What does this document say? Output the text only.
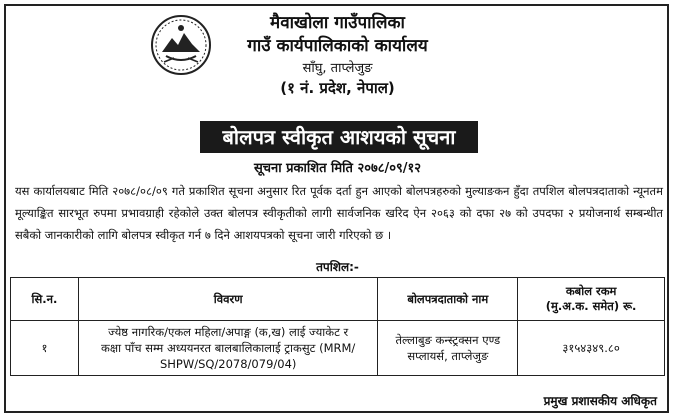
मैवाखोला गाउँपालिका
गाउँ कार्यपालिकाको कार्यालय
साँघु, ताप्लेजुङ
(१ नं. प्रदेश, नेपाल)
बोलपत्र स्वीकृत आशयको सूचना
सूचना प्रकाशित मिति २०७८/०९/१२
यस कार्यालयबाट मिति २०७८/०८/०९ गते प्रकाशित सूचना अनुसार रित पूर्वक दर्ता हुन आएको बोलपत्रहरुको मुल्याङकन हुँदा तपशिल बोलपत्रदाताको न्यूनतम मूल्याङ्कित सारभूत रुपमा प्रभावग्राही रहेकोले उक्त बोलपत्र स्वीकृतीको लागी सार्वजनिक खरिद ऐन २०६३ को दफा २७ को उपदफा २ प्रयोजनार्थ सम्बन्धीत सबैको जानकारीको लागि बोलपत्र स्वीकृत गर्न ७ दिने आशयपत्रको सूचना जारी गरिएको छ ।
तपशिल:-
सि.न.	विवरण	बोलपत्रदाताको नाम	कबोल रकम
(मु.अ.क. समेत) रू.

१	ज्येष्ठ नागरिक/एकल महिला/अपाङ्ग (क,ख) लाई ज्याकेट र
कक्षा पाँच सम्म अध्ययनरत बालबालिकालाई ट्राकसुट (MRM/
SHPW/SQ/2078/079/04)	तेल्लाबुङ कन्स्ट्रक्सन एण्ड
सप्लायर्स, ताप्लेजुङ	३१५४३४९.८०
प्रमुख प्रशासकीय अधिकृत
